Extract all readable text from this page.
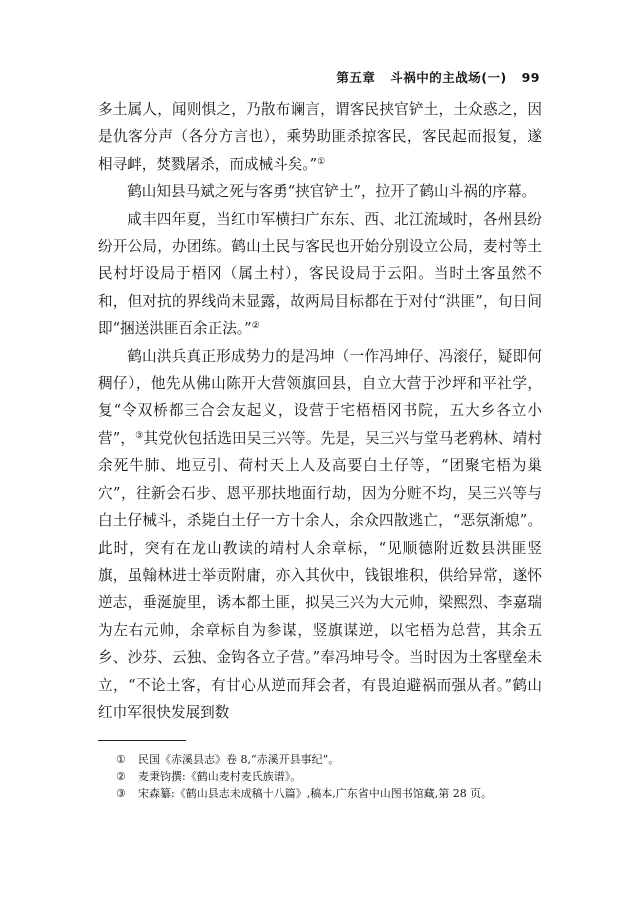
第五章 斗祸中的主战场(一) 99

多土属人，闻则惧之，乃散布谰言，谓客民挟官铲土，土众惑之，因是仇客分声（各分方言也），乘势助匪杀掠客民，客民起而报复，遂相寻衅，焚戮屠杀，而成械斗矣。”①

鹤山知县马斌之死与客勇“挟官铲土”，拉开了鹤山斗祸的序幕。

咸丰四年夏，当红巾军横扫广东东、西、北江流域时，各州县纷纷开公局，办团练。鹤山土民与客民也开始分别设立公局，麦村等土民村圩设局于梧冈（属土村），客民设局于云阳。当时土客虽然不和，但对抗的界线尚未显露，故两局目标都在于对付“洪匪”，旬日间即“捆送洪匪百余正法。”②

鹤山洪兵真正形成势力的是冯坤（一作冯坤仔、冯滚仔，疑即何稠仔），他先从佛山陈开大营领旗回县，自立大营于沙坪和平社学，复“令双桥都三合会友起义，设营于宅梧梧冈书院，五大乡各立小营”，③其党伙包括选田吴三兴等。先是，吴三兴与堂马老鸦林、靖村余死牛肺、地豆引、荷村天上人及高要白土仔等，“团聚宅梧为巢穴”，往新会石步、恩平那扶地面行劫，因为分赃不均，吴三兴等与白土仔械斗，杀毙白土仔一方十余人，余众四散逃亡，“恶氛渐熄”。此时，突有在龙山教读的靖村人余章标，“见顺德附近数县洪匪竖旗，虽翰林进士举贡附庸，亦入其伙中，钱银堆积，供给异常，遂怀逆志，垂涎旋里，诱本都土匪，拟吴三兴为大元帅，梁熙烈、李嘉瑞为左右元帅，余章标自为参谋，竖旗谋逆，以宅梧为总营，其余五乡、沙芬、云独、金钩各立子营。”奉冯坤号令。当时因为土客壁垒未立，“不论土客，有甘心从逆而拜会者，有畏迫避祸而强从者。”鹤山红巾军很快发展到数

①	民国《赤溪县志》卷 8,“赤溪开县事纪”。
②	麦秉钧撰:《鹤山麦村麦氏族谱》。
③	宋森纂:《鹤山县志未成稿十八篇》,稿本,广东省中山图书馆藏,第 28 页。
